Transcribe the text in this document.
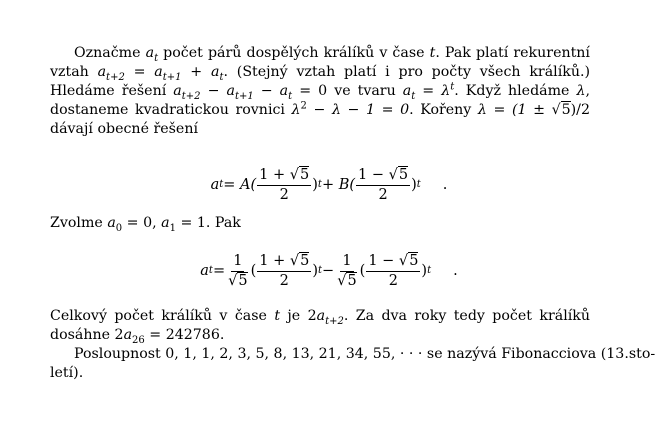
Označme $a_t$ počet párů dospělých králíků v čase t. Pak platí rekurentní
vztah $a_{t+2} = a_{t+1} + a_t$. (Stejný vztah platí i pro počty všech králíků.)
Hledáme řešení $a_{t+2} - a_{t+1} - a_t = 0$ ve tvaru $a_t = \lambda^t$. Když hledáme λ,
dostaneme kvadratickou rovnici $\lambda^2 - \lambda - 1 = 0$. Kořeny λ = (1 ± √5)/2
dávají obecné řešení

a $t = A( \frac{1 + √5}{2}$ ) $t + B( \frac{1 - √5}{2}$ ) t .

Zvolme $a_0 = 0$, $a_1 = 1$. Pak

a $t = \frac{1}{√5}$ ( $\frac{1 + √5}{2}$ ) $t - \frac{1}{√5}$ ( $\frac{1 - √5}{2}$ ) t .

Celkový počet králíků v čase t je $2a_{t+2}$. Za dva roky tedy počet králíků
dosáhne $2a_{26} = 242786$.

Posloupnost 0, 1, 1, 2, 3, 5, 8, 13, 21, 34, 55, · · · se nazývá Fibonacciova (13.sto-
letí).
